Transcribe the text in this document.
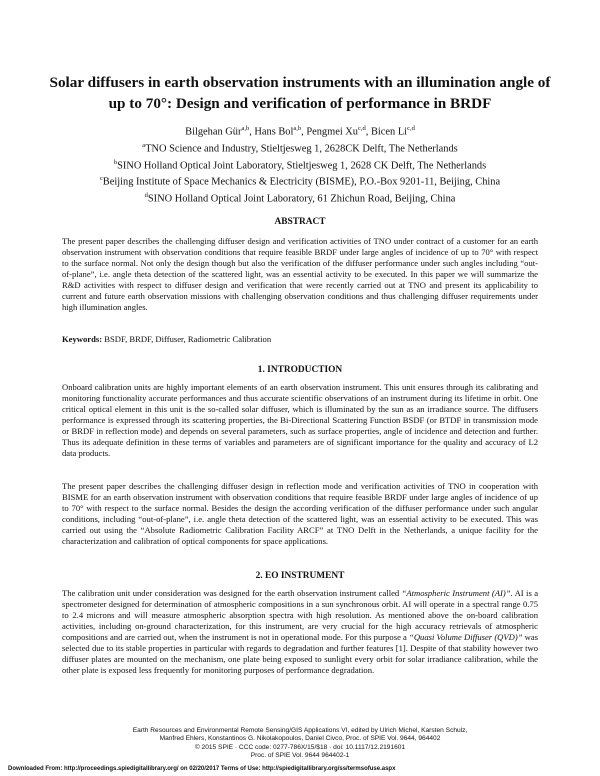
Solar diffusers in earth observation instruments with an illumination angle of up to 70°: Design and verification of performance in BRDF
Bilgehan Gür$^{a,b}$, Hans Bol$^{a,b}$, Pengmei Xu$^{c,d}$, Bicen Li$^{c,d}$
$^a$TNO Science and Industry, Stieltjesweg 1, 2628CK Delft, The Netherlands
$^b$SINO Holland Optical Joint Laboratory, Stieltjesweg 1, 2628 CK Delft, The Netherlands
$^c$Beijing Institute of Space Mechanics & Electricity (BISME), P.O.-Box 9201-11, Beijing, China
$^d$SINO Holland Optical Joint Laboratory, 61 Zhichun Road, Beijing, China
ABSTRACT
The present paper describes the challenging diffuser design and verification activities of TNO under contract of a customer for an earth observation instrument with observation conditions that require feasible BRDF under large angles of incidence of up to 70° with respect to the surface normal. Not only the design though but also the verification of the diffuser performance under such angles including “out-of-plane”, i.e. angle theta detection of the scattered light, was an essential activity to be executed. In this paper we will summarize the R&D activities with respect to diffuser design and verification that were recently carried out at TNO and present its applicability to current and future earth observation missions with challenging observation conditions and thus challenging diffuser requirements under high illumination angles.
Keywords: BSDF, BRDF, Diffuser, Radiometric Calibration
1. INTRODUCTION
Onboard calibration units are highly important elements of an earth observation instrument. This unit ensures through its calibrating and monitoring functionality accurate performances and thus accurate scientific observations of an instrument during its lifetime in orbit. One critical optical element in this unit is the so-called solar diffuser, which is illuminated by the sun as an irradiance source. The diffusers performance is expressed through its scattering properties, the Bi-Directional Scattering Function BSDF (or BTDF in transmission mode or BRDF in reflection mode) and depends on several parameters, such as surface properties, angle of incidence and detection and further. Thus its adequate definition in these terms of variables and parameters are of significant importance for the quality and accuracy of L2 data products.
The present paper describes the challenging diffuser design in reflection mode and verification activities of TNO in cooperation with BISME for an earth observation instrument with observation conditions that require feasible BRDF under large angles of incidence of up to 70° with respect to the surface normal. Besides the design the according verification of the diffuser performance under such angular conditions, including “out-of-plane”, i.e. angle theta detection of the scattered light, was an essential activity to be executed. This was carried out using the “Absolute Radiometric Calibration Facility ARCF” at TNO Delft in the Netherlands, a unique facility for the characterization and calibration of optical components for space applications.
2. EO INSTRUMENT
The calibration unit under consideration was designed for the earth observation instrument called “Atmospheric Instrument (AI)”. AI is a spectrometer designed for determination of atmospheric compositions in a sun synchronous orbit. AI will operate in a spectral range 0.75 to 2.4 microns and will measure atmospheric absorption spectra with high resolution. As mentioned above the on-board calibration activities, including on-ground characterization, for this instrument, are very crucial for the high accuracy retrievals of atmospheric compositions and are carried out, when the instrument is not in operational mode. For this purpose a “Quasi Volume Diffuser (QVD)” was selected due to its stable properties in particular with regards to degradation and further features [1]. Despite of that stability however two diffuser plates are mounted on the mechanism, one plate being exposed to sunlight every orbit for solar irradiance calibration, while the other plate is exposed less frequently for monitoring purposes of performance degradation.
Earth Resources and Environmental Remote Sensing/GIS Applications VI, edited by Ulrich Michel, Karsten Schulz,
Manfred Ehlers, Konstantinos G. Nikolakopoulos, Daniel Civco, Proc. of SPIE Vol. 9644, 964402
© 2015 SPIE · CCC code: 0277-786X/15/$18 · doi: 10.1117/12.2191601
Proc. of SPIE Vol. 9644 964402-1
Downloaded From: http://proceedings.spiedigitallibrary.org/ on 02/20/2017 Terms of Use: http://spiedigitallibrary.org/ss/termsofuse.aspx
